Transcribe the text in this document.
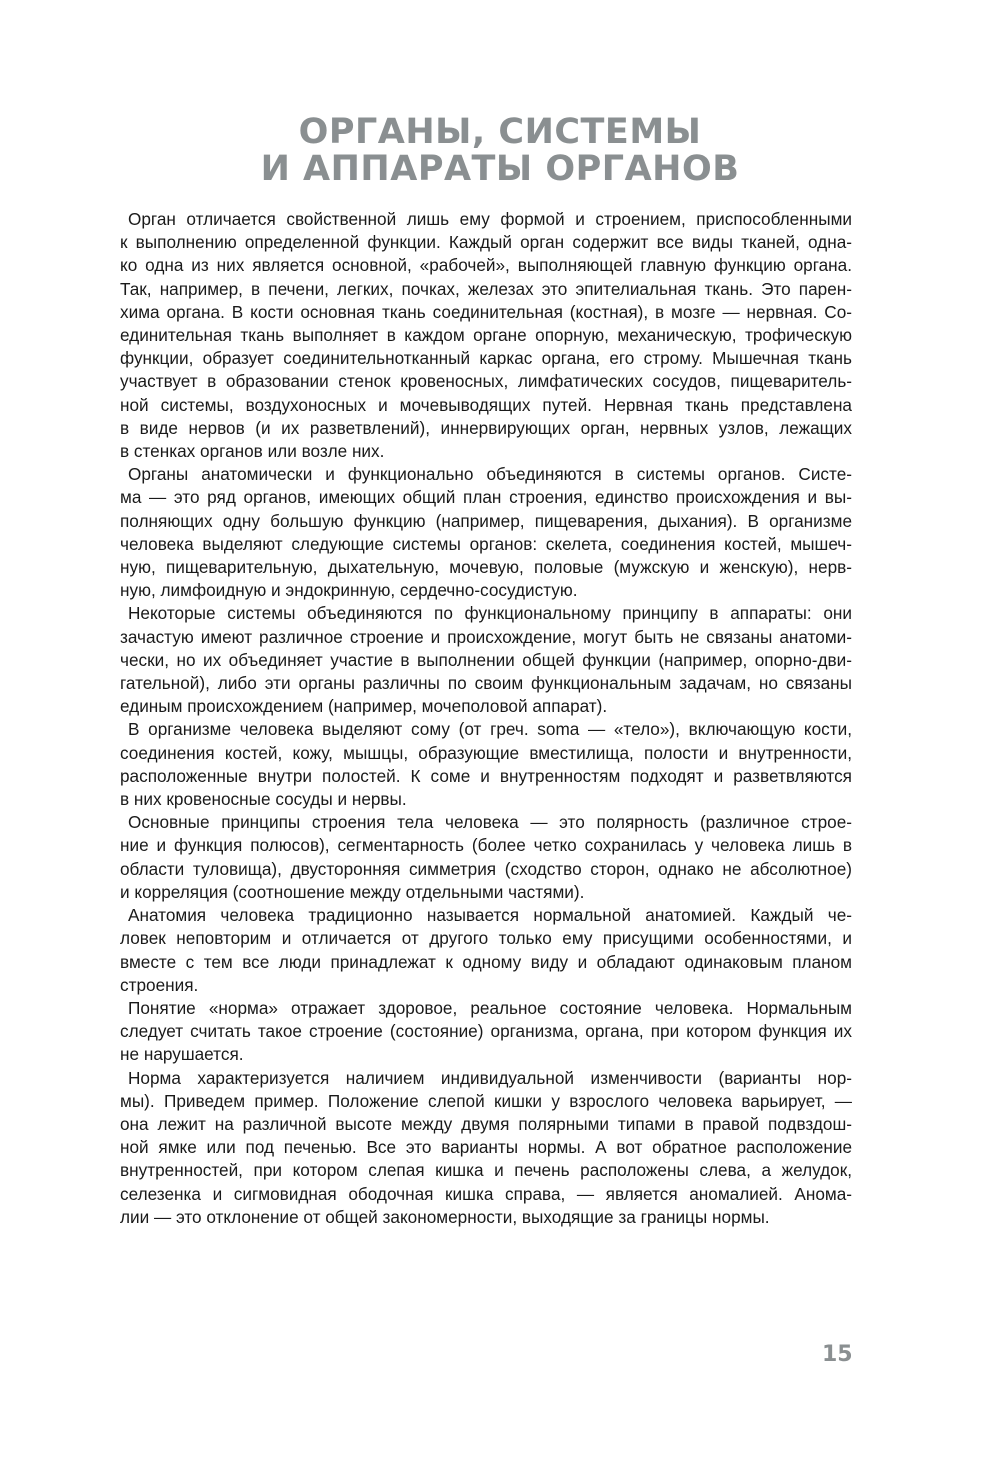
ОРГАНЫ, СИСТЕМЫ
И АППАРАТЫ ОРГАНОВ

Орган отличается свойственной лишь ему формой и строением, приспособленными
к выполнению определенной функции. Каждый орган содержит все виды тканей, одна-
ко одна из них является основной, «рабочей», выполняющей главную функцию органа.
Так, например, в печени, легких, почках, железах это эпителиальная ткань. Это парен-
хима органа. В кости основная ткань соединительная (костная), в мозге — нервная. Со-
единительная ткань выполняет в каждом органе опорную, механическую, трофическую
функции, образует соединительнотканный каркас органа, его строму. Мышечная ткань
участвует в образовании стенок кровеносных, лимфатических сосудов, пищеваритель-
ной системы, воздухоносных и мочевыводящих путей. Нервная ткань представлена
в виде нервов (и их разветвлений), иннервирующих орган, нервных узлов, лежащих
в стенках органов или возле них.

Органы анатомически и функционально объединяются в системы органов. Систе-
ма — это ряд органов, имеющих общий план строения, единство происхождения и вы-
полняющих одну большую функцию (например, пищеварения, дыхания). В организме
человека выделяют следующие системы органов: скелета, соединения костей, мышеч-
ную, пищеварительную, дыхательную, мочевую, половые (мужскую и женскую), нерв-
ную, лимфоидную и эндокринную, сердечно-сосудистую.

Некоторые системы объединяются по функциональному принципу в аппараты: они
зачастую имеют различное строение и происхождение, могут быть не связаны анатоми-
чески, но их объединяет участие в выполнении общей функции (например, опорно-дви-
гательной), либо эти органы различны по своим функциональным задачам, но связаны
единым происхождением (например, мочеполовой аппарат).

В организме человека выделяют сому (от греч. soma — «тело»), включающую кости,
соединения костей, кожу, мышцы, образующие вместилища, полости и внутренности,
расположенные внутри полостей. К соме и внутренностям подходят и разветвляются
в них кровеносные сосуды и нервы.

Основные принципы строения тела человека — это полярность (различное строе-
ние и функция полюсов), сегментарность (более четко сохранилась у человека лишь в
области туловища), двусторонняя симметрия (сходство сторон, однако не абсолютное)
и корреляция (соотношение между отдельными частями).

Анатомия человека традиционно называется нормальной анатомией. Каждый че-
ловек неповторим и отличается от другого только ему присущими особенностями, и
вместе с тем все люди принадлежат к одному виду и обладают одинаковым планом
строения.

Понятие «норма» отражает здоровое, реальное состояние человека. Нормальным
следует считать такое строение (состояние) организма, органа, при котором функция их
не нарушается.

Норма характеризуется наличием индивидуальной изменчивости (варианты нор-
мы). Приведем пример. Положение слепой кишки у взрослого человека варьирует, —
она лежит на различной высоте между двумя полярными типами в правой подвздош-
ной ямке или под печенью. Все это варианты нормы. А вот обратное расположение
внутренностей, при котором слепая кишка и печень расположены слева, а желудок,
селезенка и сигмовидная ободочная кишка справа, — является аномалией. Анома-
лии — это отклонение от общей закономерности, выходящие за границы нормы.

15
